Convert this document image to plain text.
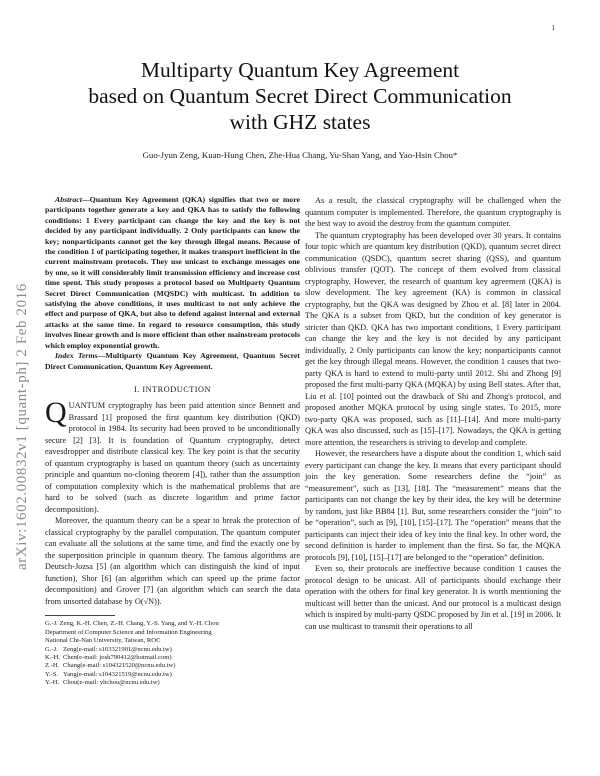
1
arXiv:1602.00832v1 [quant-ph] 2 Feb 2016
Multiparty Quantum Key Agreement
based on Quantum Secret Direct Communication
with GHZ states
Guo-Jyun Zeng, Kuan-Hung Chen, Zhe-Hua Chang, Yu-Shan Yang, and Yao-Hsin Chou*

Abstract—Quantum Key Agreement (QKA) signifies that two or more participants together generate a key and QKA has to satisfy the following conditions: 1 Every participant can change the key and the key is not decided by any participant individually. 2 Only participants can know the key; nonparticipants cannot get the key through illegal means. Because of the condition 1 of participating together, it makes transport inefficient in the current mainstream protocols. They use unicast to exchange messages one by one, so it will considerably limit transmission efficiency and increase cost time spent. This study proposes a protocol based on Multiparty Quantum Secret Direct Communication (MQSDC) with multicast. In addition to satisfying the above conditions, it uses multicast to not only achieve the effect and purpose of QKA, but also to defend against internal and external attacks at the same time. In regard to resource consumption, this study involves linear growth and is more efficient than other mainstream protocols which employ exponential growth.

Index Terms—Multiparty Quantum Key Agreement, Quantum Secret Direct Communication, Quantum Key Agreement.

I. INTRODUCTION

QUANTUM cryptography has been paid attention since Bennett and Brassard [1] proposed the first quantum key distribution (QKD) protocol in 1984. Its security had been proved to be unconditionally secure [2] [3]. It is foundation of Quantum cryptography, detect eavesdropper and distribute classical key. The key point is that the security of quantum cryptography is based on quantum theory (such as uncertainty principle and quantum no-cloning theorem [4]), rather than the assumption of computation complexity which is the mathematical problems that are hard to be solved (such as discrete logarithm and prime factor decomposition).

Moreover, the quantum theory can be a spear to break the protection of classical cryptography by the parallel computation. The quantum computer can evaluate all the solutions at the same time, and find the exactly one by the superposition principle in quantum theory. The famous algorithms are Deutsch-Jozsa [5] (an algorithm which can distinguish the kind of input function), Shor [6] (an algorithm which can speed up the prime factor decomposition) and Grover [7] (an algorithm which can search the data from unsorted database by O(√N)).

G.-J. Zeng, K.-H. Chen, Z.-H. Chang, Y.-S. Yang, and Y.-H. Chou

Department of Computer Science and Information Engineering

National Chi-Nan University, Taiwan, ROC

G.-J. Zeng(e-mail: s103321901@ncnu.edu.tw)

K.-H. Chen(e-mail: josh790412@hotmail.com)

Z.-H. Chang(e-mail: s104321520@ncnu.edu.tw)

Y.-S. Yang(e-mail: s104321519@ncnu.edu.tw)

Y.-H. Chou(e-mail: yhchou@ncnu.edu.tw)

As a result, the classical cryptography will be challenged when the quantum computer is implemented. Therefore, the quantum cryptography is the best way to avoid the destroy from the quantum computer.

The quantum cryptography has been developed over 30 years. It contains four topic which are quantum key distribution (QKD), quantum secret direct communication (QSDC), quantum secret sharing (QSS), and quantum oblivious transfer (QOT). The concept of them evolved from classical cryptography. However, the research of quantum key agreement (QKA) is slow development. The key agreement (KA) is common in classical cryptography, but the QKA was designed by Zhou et al. [8] later in 2004. The QKA is a subset from QKD, but the condition of key generator is stricter than QKD. QKA has two important conditions, 1 Every participant can change the key and the key is not decided by any participant individually, 2 Only participants can know the key; nonparticipants cannot get the key through illegal means. However, the condition 1 causes that two-party QKA is hard to extend to multi-party until 2012. Shi and Zhong [9] proposed the first multi-party QKA (MQKA) by using Bell states. After that, Liu et al. [10] pointed out the drawback of Shi and Zhong's protocol, and proposed another MQKA protocol by using single states. To 2015, more two-party QKA was proposed, such as [11]–[14]. And more multi-party QKA was also discussed, such as [15]–[17]. Nowadays, the QKA is getting more attention, the researchers is striving to develop and complete.

However, the researchers have a dispute about the condition 1, which said every participant can change the key. It means that every participant should join the key generation. Some researchers define the “join” as “measurement”, such as [13], [18]. The “measurement” means that the participants can not change the key by their idea, the key will be determine by random, just like BB84 [1]. But, some researchers consider the “join” to be “operation”, such as [9], [10], [15]–[17]. The “operation” means that the participants can inject their idea of key into the final key. In other word, the second definition is harder to implement than the first. So far, the MQKA protocols [9], [10], [15]–[17] are belonged to the “operation” definition.

Even so, their protocols are ineffective because condition 1 causes the protocol design to be unicast. All of participants should exchange their operation with the others for final key generator. It is worth mentioning the multicast will better than the unicast. And our protocol is a multicast design which is inspired by multi-party QSDC proposed by Jin et al. [19] in 2006. It can use multicast to transmit their operations to all
